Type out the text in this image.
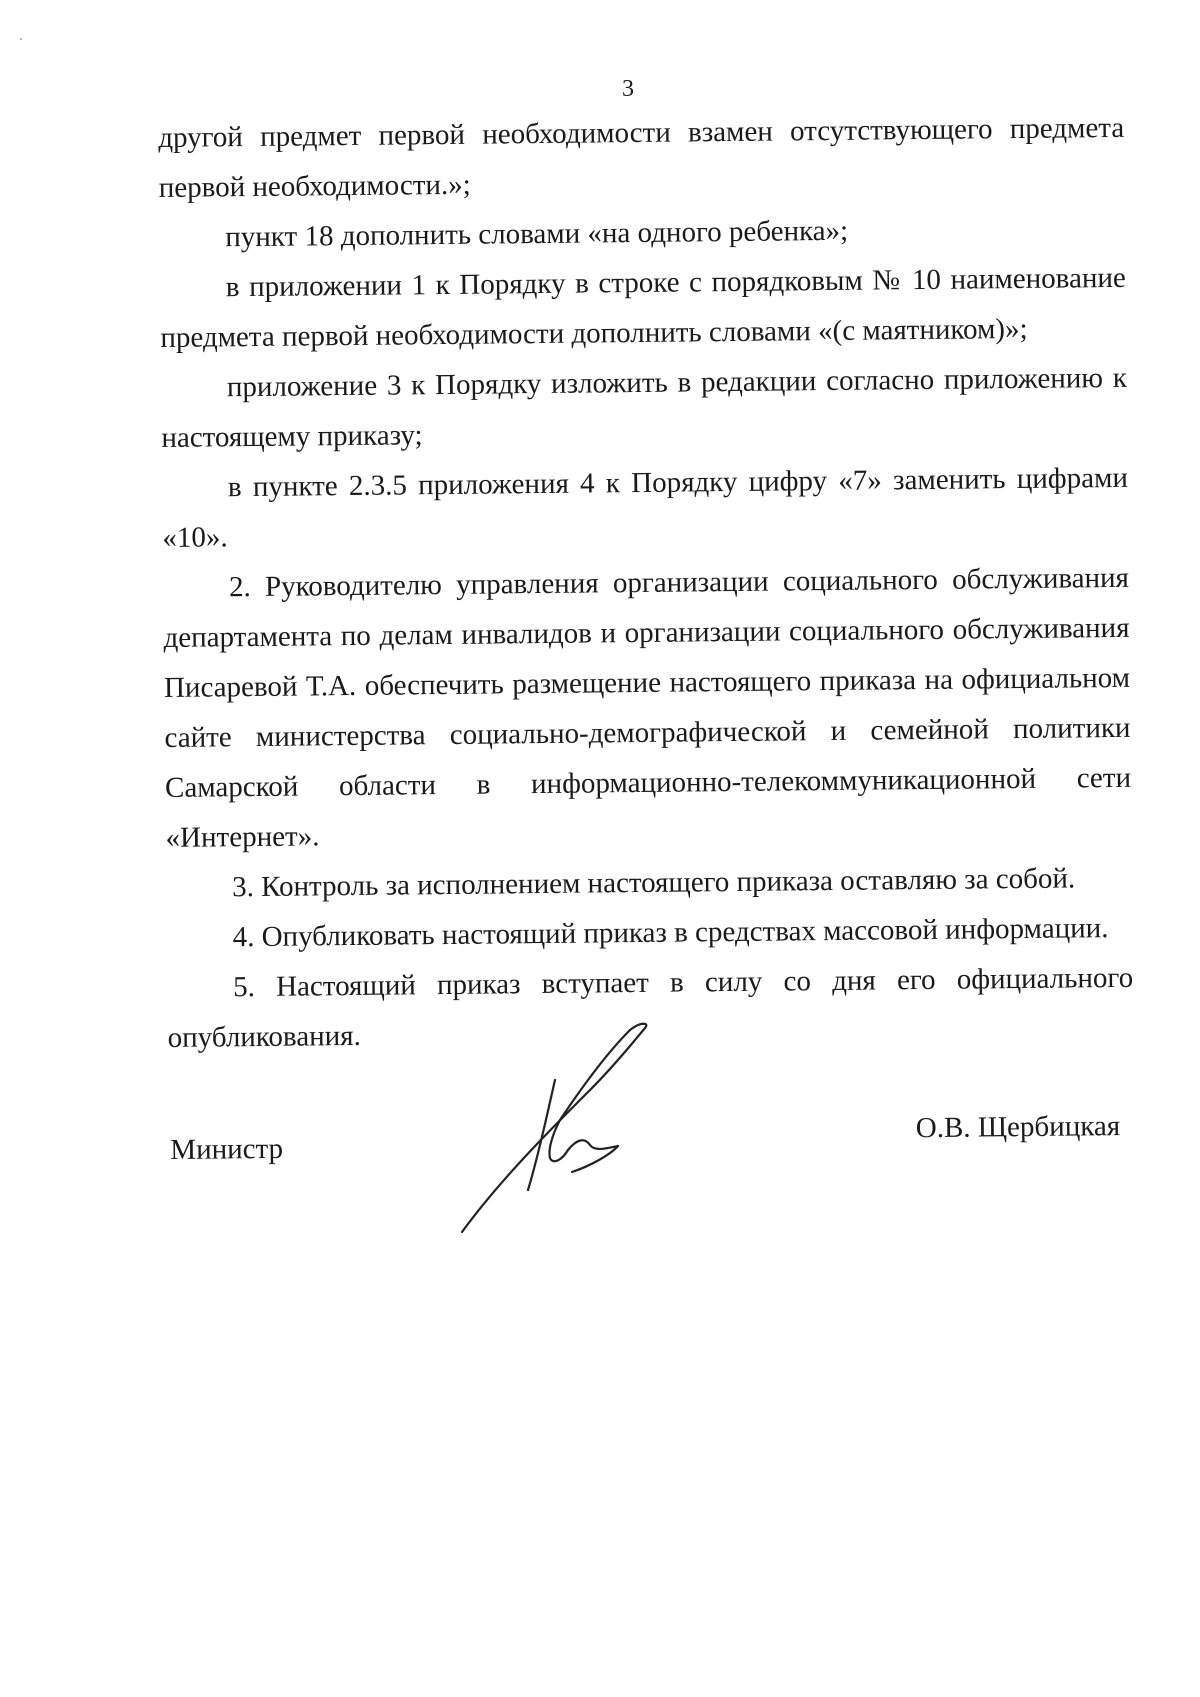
3

другой предмет первой необходимости взамен отсутствующего предмета первой необходимости.»;

пункт 18 дополнить словами «на одного ребенка»;

в приложении 1 к Порядку в строке с порядковым № 10 наименование предмета первой необходимости дополнить словами «(с маятником)»;

приложение 3 к Порядку изложить в редакции согласно приложению к настоящему приказу;

в пункте 2.3.5 приложения 4 к Порядку цифру «7» заменить цифрами «10».

2. Руководителю управления организации социального обслуживания департамента по делам инвалидов и организации социального обслуживания Писаревой Т.А. обеспечить размещение настоящего приказа на официальном сайте министерства социально-демографической и семейной политики Самарской области в информационно-телекоммуникационной сети «Интернет».

3. Контроль за исполнением настоящего приказа оставляю за собой.

4. Опубликовать настоящий приказ в средствах массовой информации.

5. Настоящий приказ вступает в силу со дня его официального опубликования.

Министр
О.В. Щербицкая
